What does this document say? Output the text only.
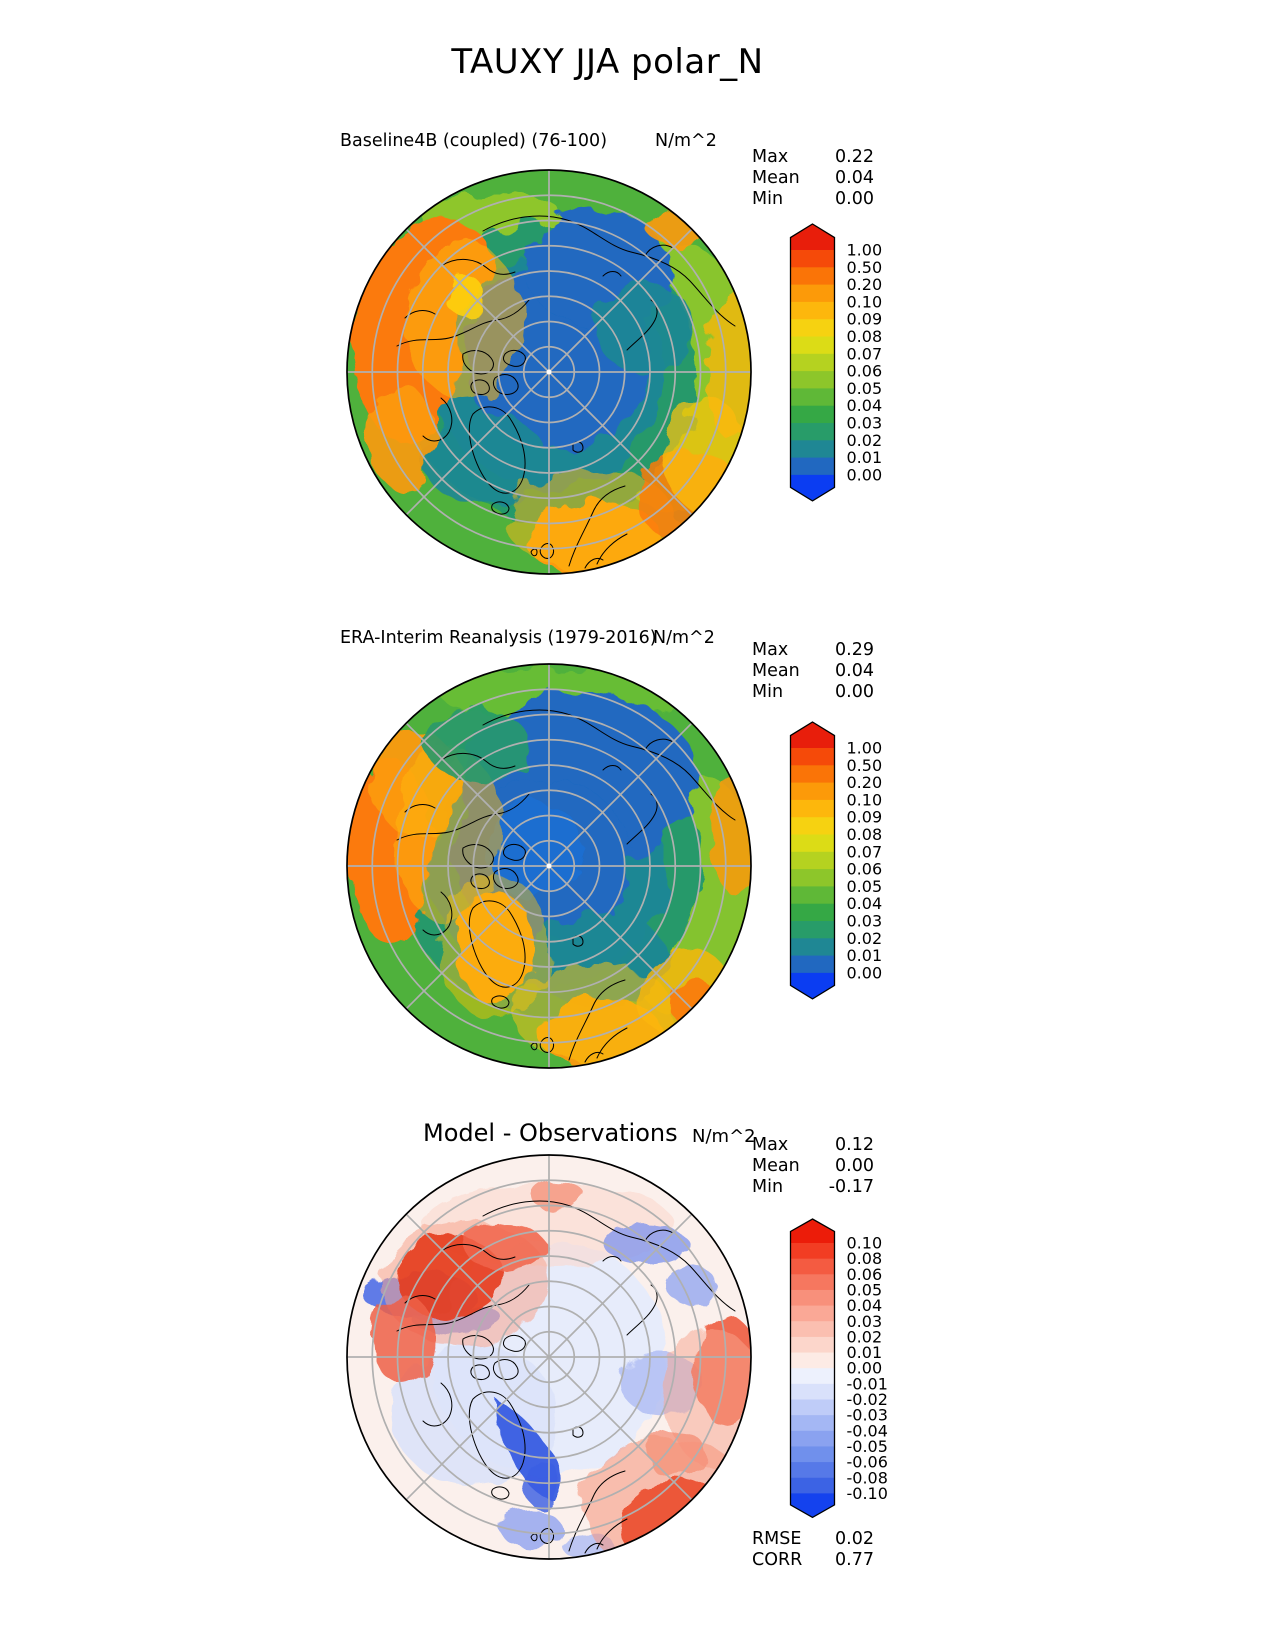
TAUXY JJA polar_N
Baseline4B (coupled) (76-100)	N/m^2
Max	0.22
Mean 0.04
Min	0.00
1.00
0.50
0.20
0.10
0.09
0.08
0.07
0.06
0.05
0.04
0.03
0.02
0.01
0.00
ERA-Interim Reanalysis (1979-2016)
N/m^2
Max	0.29
Mean 0.04
Min	0.00
1.00
0.50
0.20
0.10
0.09
0.08
0.07
0.06
0.05
0.04
0.03
0.02
0.01
0.00
Model - Observations N/m^2
Max	0.12
Mean 0.00
Min	-0.17
0.10
0.08
0.06
0.05
0.04
0.03
0.02
0.01
0.00
-0.01
-0.02
-0.03
-0.04
-0.05
-0.06
-0.08
-0.10
RMSE 0.02
CORR 0.77
